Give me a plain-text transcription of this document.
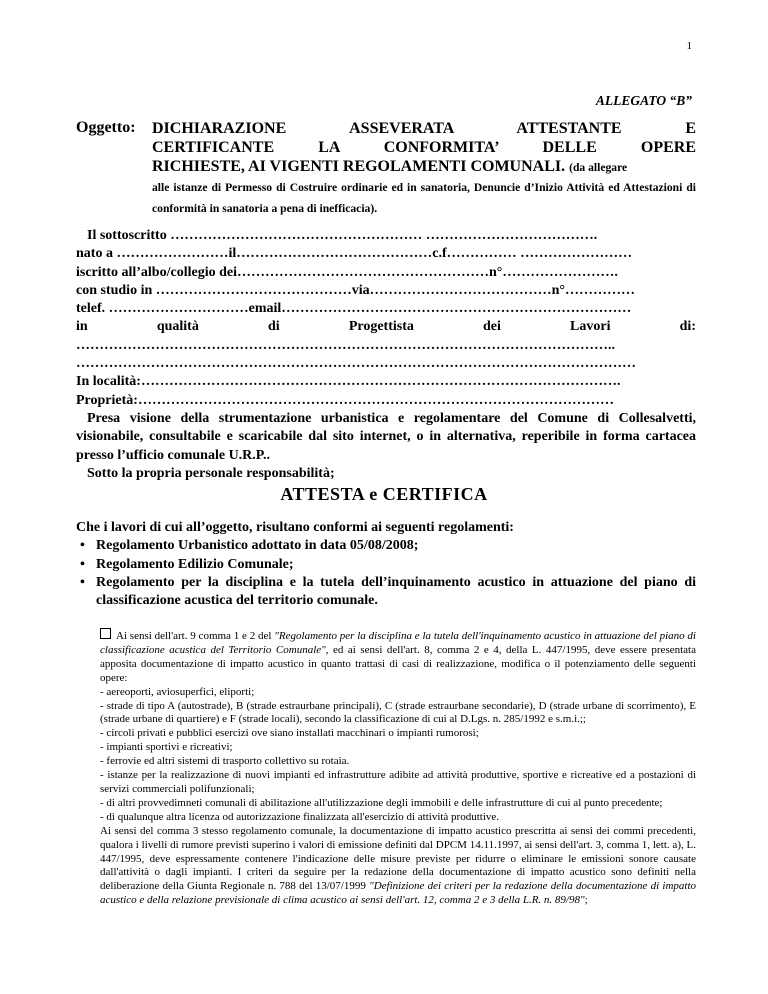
1
ALLEGATO “B”
Oggetto: DICHIARAZIONE ASSEVERATA ATTESTANTE E
CERTIFICANTE LA CONFORMITA’ DELLE OPERE
RICHIESTE, AI VIGENTI REGOLAMENTI COMUNALI. (da allegare
alle istanze di Permesso di Costruire ordinarie ed in sanatoria, Denuncie d’Inizio Attività ed Attestazioni di conformità in sanatoria a pena di inefficacia).
Il sottoscritto ……………………………………………… ……………………………….
nato a ……………………il……………………………………c.f…………… ……………………
iscritto all’albo/collegio dei………………………………………………n°…………………….
con studio in ……………………………………via…………………………………n°……………
telef. …………………………email…………………………………………………………………
in	qualità	di	Progettista	dei	Lavori	di:
……………………………………………………………………………………………………..
…………………………………………………………………………………………………………
In località:………………………………………………………………………………………….
Proprietà:…………………………………………………………………………………………
Presa visione della strumentazione urbanistica e regolamentare del Comune di Collesalvetti, visionabile, consultabile e scaricabile dal sito internet, o in alternativa, reperibile in forma cartacea presso l’ufficio comunale U.R.P..
Sotto la propria personale responsabilità;
ATTESTA e CERTIFICA
Che i lavori di cui all’oggetto, risultano conformi ai seguenti regolamenti:
• Regolamento Urbanistico adottato in data 05/08/2008;
• Regolamento Edilizio Comunale;
• Regolamento per la disciplina e la tutela dell’inquinamento acustico in attuazione del piano di classificazione acustica del territorio comunale.

Ai sensi dell'art. 9 comma 1 e 2 del "Regolamento per la disciplina e la tutela dell'inquinamento acustico in attuazione del piano di classificazione acustica del Territorio Comunale", ed ai sensi dell'art. 8, comma 2 e 4, della L. 447/1995, deve essere presentata apposita documentazione di impatto acustico in quanto trattasi di casi di realizzazione, modifica o il potenziamento delle seguenti opere:

- aereoporti, aviosuperfici, eliporti;

- strade di tipo A (autostrade), B (strade estraurbane principali), C (strade estraurbane secondarie), D (strade urbane di scorrimento), E (strade urbane di quartiere) e F (strade locali), secondo la classificazione di cui al D.Lgs. n. 285/1992 e s.m.i.;;

- circoli privati e pubblici esercizi ove siano installati macchinari o impianti rumorosi;

- impianti sportivi e ricreativi;

- ferrovie ed altri sistemi di trasporto collettivo su rotaia.

- istanze per la realizzazione di nuovi impianti ed infrastrutture adibite ad attività produttive, sportive e ricreative ed a postazioni di servizi commerciali polifunzionali;

- di altri provvedimneti comunali di abilitazione all'utilizzazione degli immobili e delle infrastrutture di cui al punto precedente;

- di qualunque altra licenza od autorizzazione finalizzata all'esercizio di attività produttive.

Ai sensi del comma 3 stesso regolamento comunale, la documentazione di impatto acustico prescritta ai sensi dei commi precedenti, qualora i livelli di rumore previsti superino i valori di emissione definiti dal DPCM 14.11.1997, ai sensi dell'art. 3, comma 1, lett. a), L. 447/1995, deve espressamente contenere l'indicazione delle misure previste per ridurre o eliminare le emissioni sonore causate dall'attività o dagli impianti. I criteri da seguire per la redazione della documentazione di impatto acustico sono definiti nella deliberazione della Giunta Regionale n. 788 del 13/07/1999 "Definizione dei criteri per la redazione della documentazione di impatto acustico e della relazione previsionale di clima acustico ai sensi dell'art. 12, comma 2 e 3 della L.R. n. 89/98";
